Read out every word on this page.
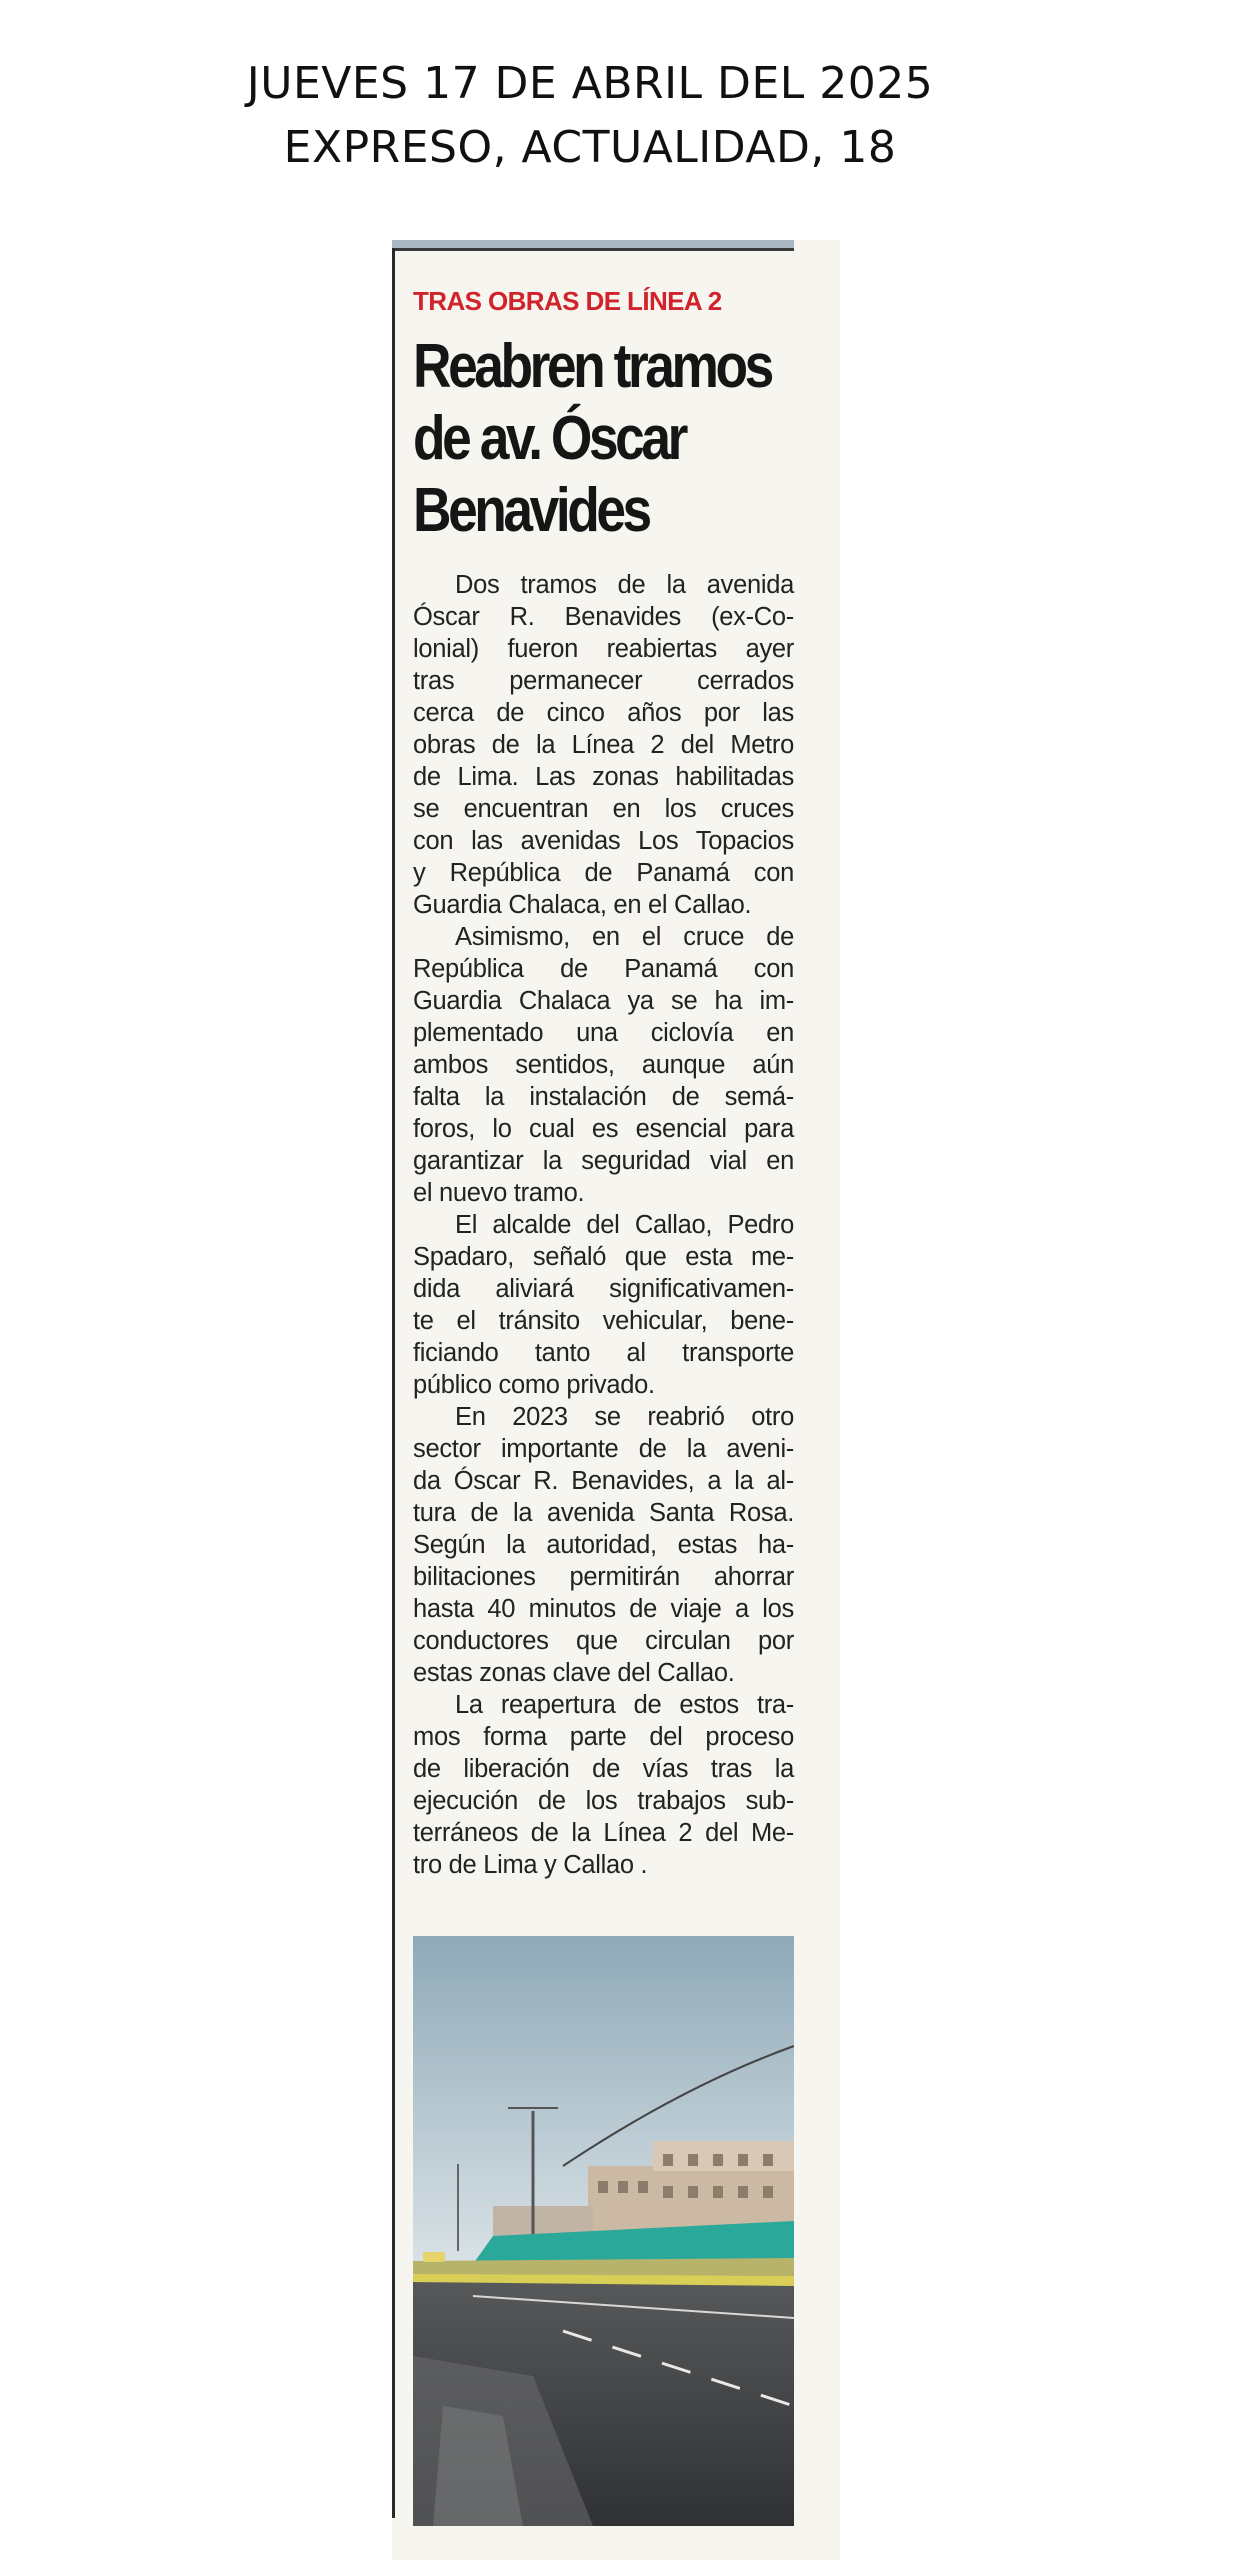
JUEVES 17 DE ABRIL DEL 2025
EXPRESO, ACTUALIDAD, 18
TRAS OBRAS DE LÍNEA 2
Reabren tramos
de av. Óscar
Benavides
Dos tramos de la avenida
Óscar R. Benavides (ex-Co-
lonial) fueron reabiertas ayer
tras permanecer cerrados
cerca de cinco años por las
obras de la Línea 2 del Metro
de Lima. Las zonas habilitadas
se encuentran en los cruces
con las avenidas Los Topacios
y República de Panamá con
Guardia Chalaca, en el Callao.
Asimismo, en el cruce de
República de Panamá con
Guardia Chalaca ya se ha im-
plementado una ciclovía en
ambos sentidos, aunque aún
falta la instalación de semá-
foros, lo cual es esencial para
garantizar la seguridad vial en
el nuevo tramo.
El alcalde del Callao, Pedro
Spadaro, señaló que esta me-
dida aliviará significativamen-
te el tránsito vehicular, bene-
ficiando tanto al transporte
público como privado.
En 2023 se reabrió otro
sector importante de la aveni-
da Óscar R. Benavides, a la al-
tura de la avenida Santa Rosa.
Según la autoridad, estas ha-
bilitaciones permitirán ahorrar
hasta 40 minutos de viaje a los
conductores que circulan por
estas zonas clave del Callao.
La reapertura de estos tra-
mos forma parte del proceso
de liberación de vías tras la
ejecución de los trabajos sub-
terráneos de la Línea 2 del Me-
tro de Lima y Callao .
